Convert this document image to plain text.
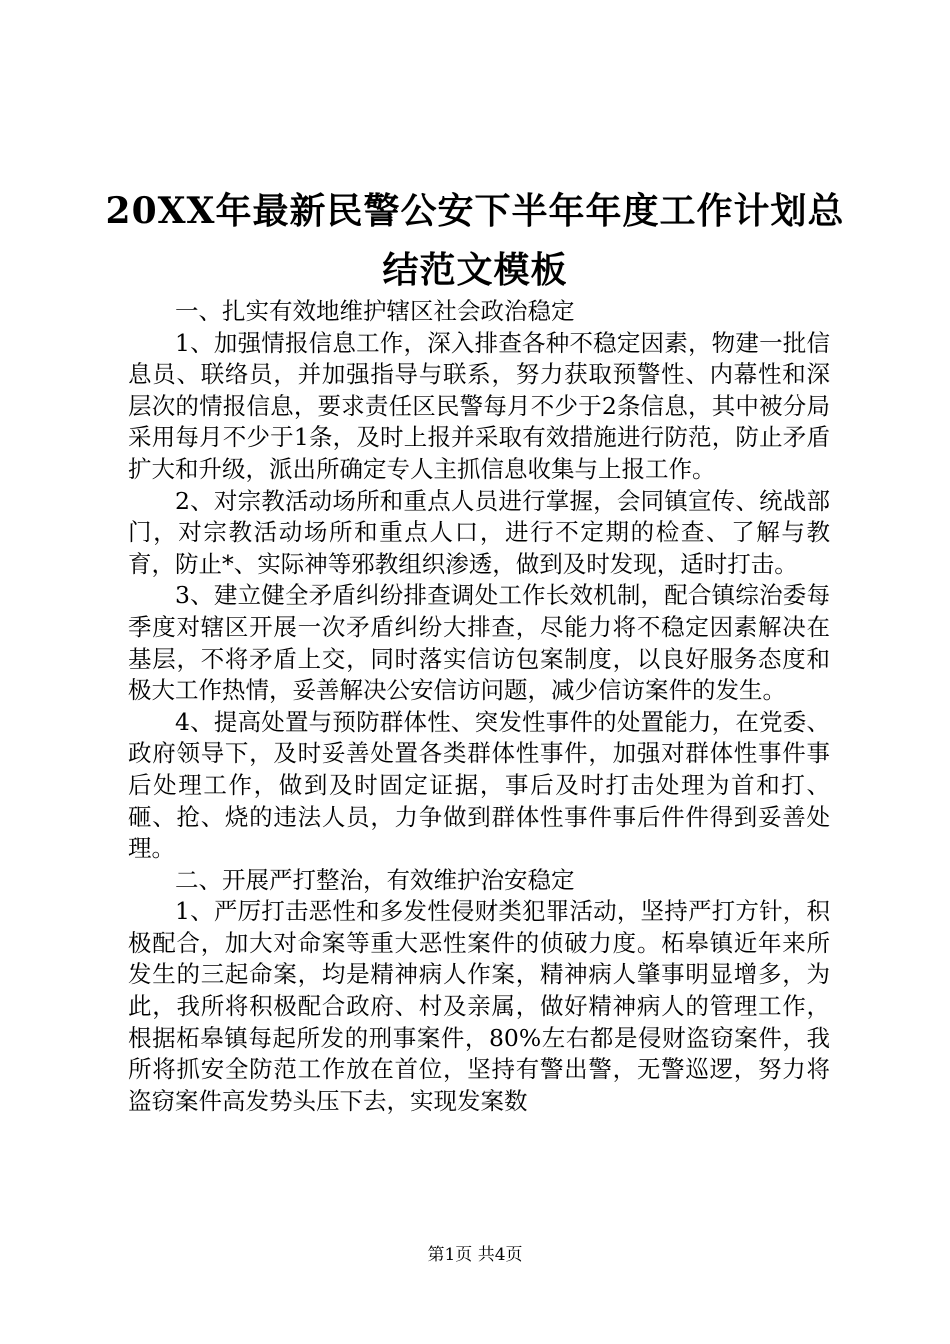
20XX年最新民警公安下半年年度工作计划总
结范文模板

一、扎实有效地维护辖区社会政治稳定

1、加强情报信息工作，深入排查各种不稳定因素，物建一批信息员、联络员，并加强指导与联系，努力获取预警性、内幕性和深层次的情报信息，要求责任区民警每月不少于2条信息，其中被分局采用每月不少于1条，及时上报并采取有效措施进行防范，防止矛盾扩大和升级，派出所确定专人主抓信息收集与上报工作。

2、对宗教活动场所和重点人员进行掌握，会同镇宣传、统战部门，对宗教活动场所和重点人口，进行不定期的检查、了解与教育，防止*、实际神等邪教组织渗透，做到及时发现，适时打击。

3、建立健全矛盾纠纷排查调处工作长效机制，配合镇综治委每季度对辖区开展一次矛盾纠纷大排查，尽能力将不稳定因素解决在基层，不将矛盾上交，同时落实信访包案制度，以良好服务态度和极大工作热情，妥善解决公安信访问题，减少信访案件的发生。

4、提高处置与预防群体性、突发性事件的处置能力，在党委、政府领导下，及时妥善处置各类群体性事件，加强对群体性事件事后处理工作，做到及时固定证据，事后及时打击处理为首和打、砸、抢、烧的违法人员，力争做到群体性事件事后件件得到妥善处理。

二、开展严打整治，有效维护治安稳定

1、严厉打击恶性和多发性侵财类犯罪活动，坚持严打方针，积极配合，加大对命案等重大恶性案件的侦破力度。柘皋镇近年来所发生的三起命案，均是精神病人作案，精神病人肇事明显增多，为此，我所将积极配合政府、村及亲属，做好精神病人的管理工作，根据柘皋镇每起所发的刑事案件，80%左右都是侵财盗窃案件，我所将抓安全防范工作放在首位，坚持有警出警，无警巡逻，努力将盗窃案件高发势头压下去，实现发案数

第1页 共4页
